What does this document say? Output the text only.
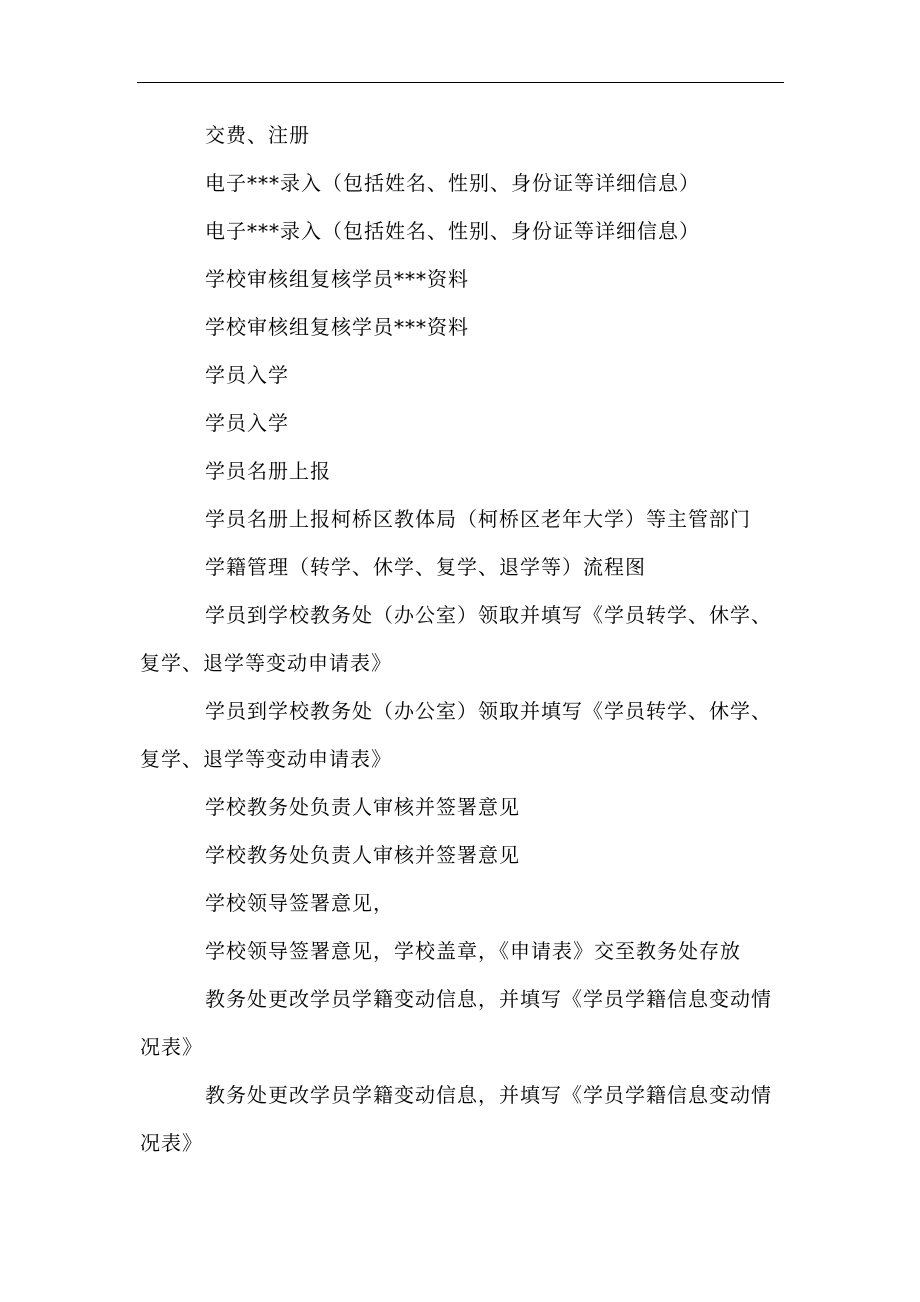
交费、注册

电子***录入（包括姓名、性别、身份证等详细信息）

电子***录入（包括姓名、性别、身份证等详细信息）

学校审核组复核学员***资料

学校审核组复核学员***资料

学员入学

学员入学

学员名册上报

学员名册上报柯桥区教体局（柯桥区老年大学）等主管部门

学籍管理（转学、休学、复学、退学等）流程图

学员到学校教务处（办公室）领取并填写《学员转学、休学、复学、退学等变动申请表》

学员到学校教务处（办公室）领取并填写《学员转学、休学、复学、退学等变动申请表》

学校教务处负责人审核并签署意见

学校教务处负责人审核并签署意见

学校领导签署意见，

学校领导签署意见，学校盖章，《申请表》交至教务处存放

教务处更改学员学籍变动信息，并填写《学员学籍信息变动情况表》

教务处更改学员学籍变动信息，并填写《学员学籍信息变动情况表》
